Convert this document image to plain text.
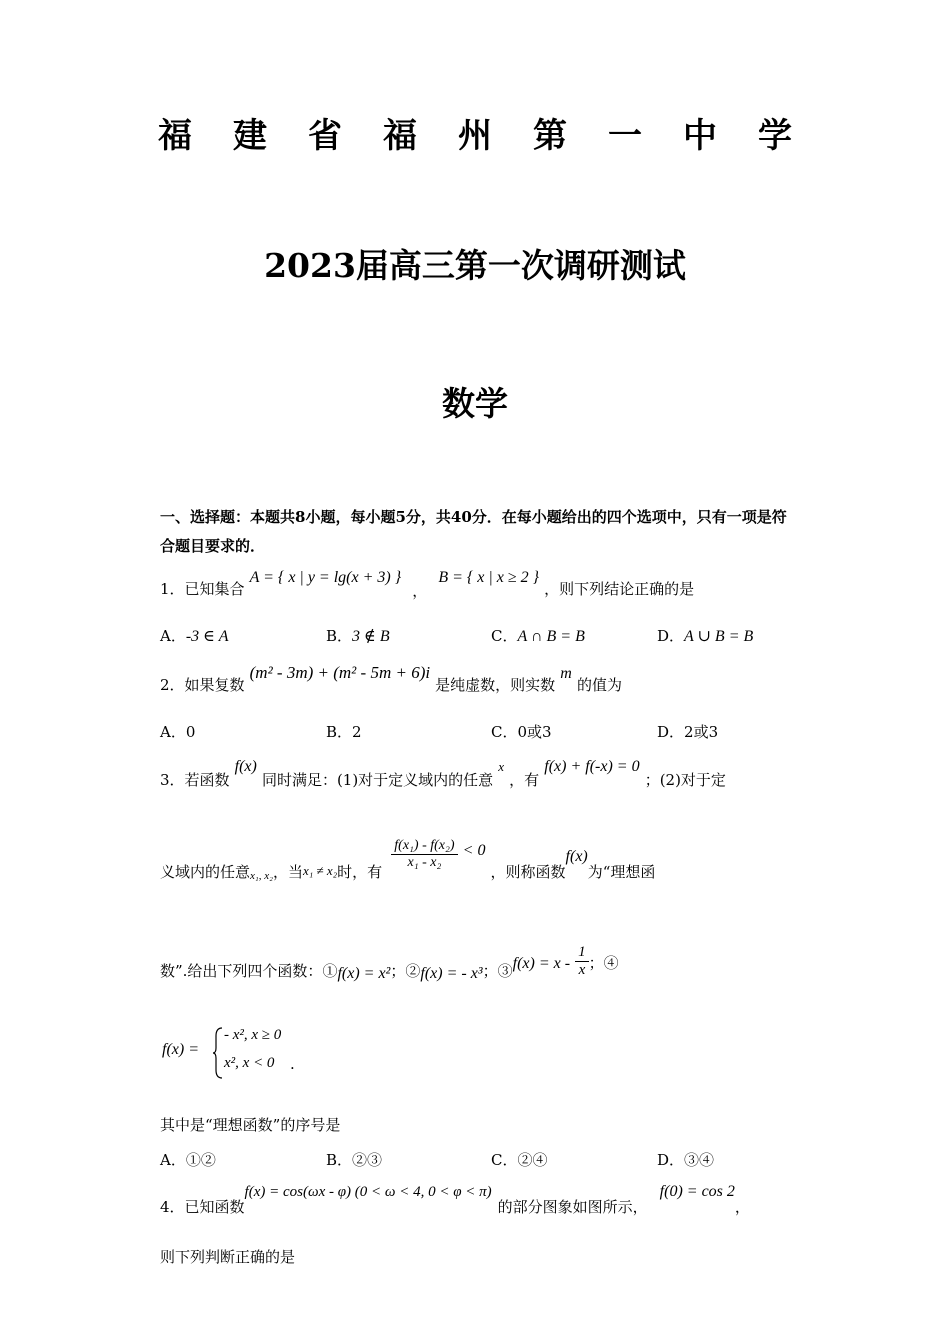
福 建 省 福 州 第 一 中 学
2023届高三第一次调研测试
数学
一、选择题：本题共8小题，每小题5分，共40分．在每小题给出的四个选项中，只有一项是符合题目要求的．
1．已知集合 A = { x | y = lg(x + 3) } ， B = { x | x ≥ 2 } ，则下列结论正确的是
A．-3 ∈ A	B．3 ∉ B	C．A ∩ B = B	D．A ∪ B = B
2．如果复数 (m² - 3m) + (m² - 5m + 6)i 是纯虚数，则实数 m 的值为
A．0	B．2	C．0或3	D．2或3
3．若函数 f(x) 同时满足：(1)对于定义域内的任意 x ，有 f(x) + f(-x) = 0 ；(2)对于定
义域内的任意$_{x_1, x_2}$，当$_{x_1 \ne x_2}$时，有
$\frac{\text{f(x₁) - f(x₂)}}{\text{x₁ - x₂}} < 0$ ，则称函数f(x)为“理想函
数”.给出下列四个函数：①f(x) = x²；②f(x) = - x³；③f(x) = x - $\frac{1}{x}$ ；④
f(x) =
- x², x ≥ 0
x², x < 0 .
其中是“理想函数”的序号是
A．①②	B．②③	C．②④	D．③④
4．已知函数f(x) = cos(ωx - φ) (0 < ω < 4, 0 < φ < π)的部分图象如图所示，f(0) = cos 2，
则下列判断正确的是
